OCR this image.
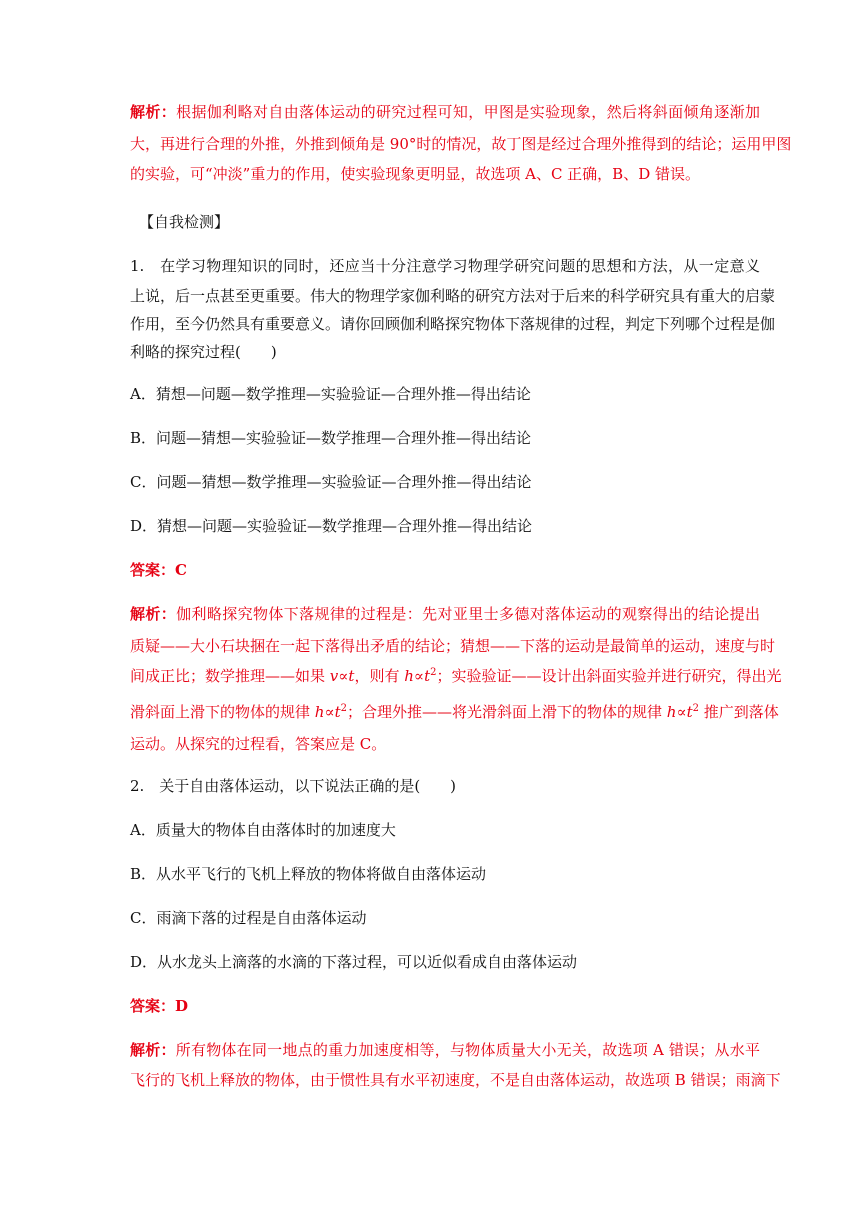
解析：根据伽利略对自由落体运动的研究过程可知，甲图是实验现象，然后将斜面倾角逐渐加
大，再进行合理的外推，外推到倾角是 90°时的情况，故丁图是经过合理外推得到的结论；运用甲图
的实验，可“冲淡”重力的作用，使实验现象更明显，故选项 A、C 正确，B、D 错误。
【自我检测】
1.　在学习物理知识的同时，还应当十分注意学习物理学研究问题的思想和方法，从一定意义
上说，后一点甚至更重要。伟大的物理学家伽利略的研究方法对于后来的科学研究具有重大的启蒙
作用，至今仍然具有重要意义。请你回顾伽利略探究物体下落规律的过程，判定下列哪个过程是伽
利略的探究过程(　　)
A．猜想—问题—数学推理—实验验证—合理外推—得出结论
B．问题—猜想—实验验证—数学推理—合理外推—得出结论
C．问题—猜想—数学推理—实验验证—合理外推—得出结论
D．猜想—问题—实验验证—数学推理—合理外推—得出结论
答案：C
解析：伽利略探究物体下落规律的过程是：先对亚里士多德对落体运动的观察得出的结论提出
质疑——大小石块捆在一起下落得出矛盾的结论；猜想——下落的运动是最简单的运动，速度与时
间成正比；数学推理——如果 v∝t，则有 $h\propto t^2$；实验验证——设计出斜面实验并进行研究，得出光
滑斜面上滑下的物体的规律 $h\propto t^2$；合理外推——将光滑斜面上滑下的物体的规律 $h\propto t^2$ 推广到落体
运动。从探究的过程看，答案应是 C。
2.　关于自由落体运动，以下说法正确的是(　　)
A．质量大的物体自由落体时的加速度大
B．从水平飞行的飞机上释放的物体将做自由落体运动
C．雨滴下落的过程是自由落体运动
D．从水龙头上滴落的水滴的下落过程，可以近似看成自由落体运动
答案：D
解析：所有物体在同一地点的重力加速度相等，与物体质量大小无关，故选项 A 错误；从水平
飞行的飞机上释放的物体，由于惯性具有水平初速度，不是自由落体运动，故选项 B 错误；雨滴下
